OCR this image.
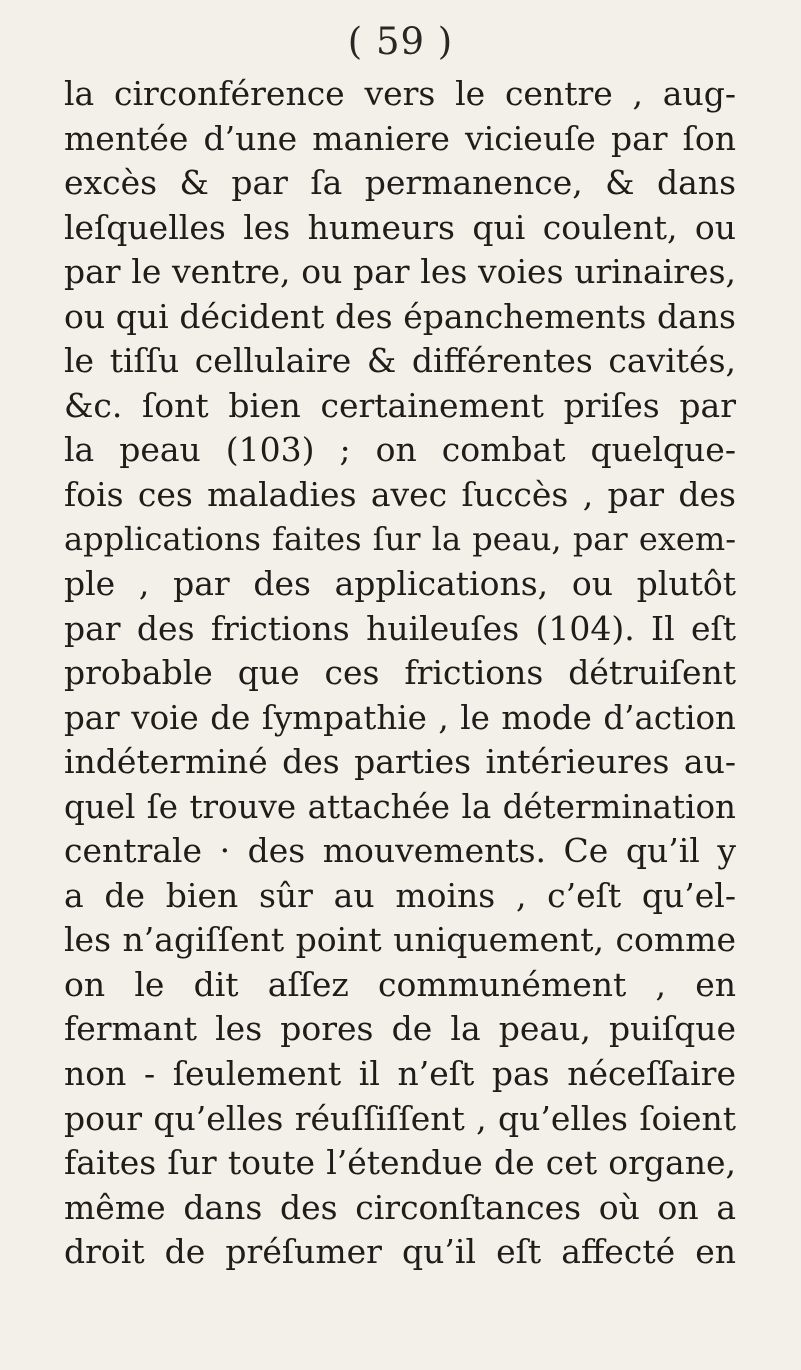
( 59 )
la circonférence vers le centre , aug-
mentée d’une maniere vicieuſe par ſon
excès & par ſa permanence, & dans
leſquelles les humeurs qui coulent, ou
par le ventre, ou par les voies urinaires,
ou qui décident des épanchements dans
le tiſſu cellulaire & différentes cavités,
&c. ſont bien certainement priſes par
la peau (103) ; on combat quelque-
fois ces maladies avec ſuccès , par des
applications faites ſur la peau, par exem-
ple , par des applications, ou plutôt
par des frictions huileuſes (104). Il eſt
probable que ces frictions détruiſent
par voie de ſympathie , le mode d’action
indéterminé des parties intérieures au-
quel ſe trouve attachée la détermination
centrale · des mouvements. Ce qu’il y
a de bien sûr au moins , c’eſt qu’el-
les n’agiſſent point uniquement, comme
on le dit aſſez communément , en
fermant les pores de la peau, puiſque
non - ſeulement il n’eſt pas néceſſaire
pour qu’elles réuſſiſſent , qu’elles ſoient
faites ſur toute l’étendue de cet organe,
même dans des circonſtances où on a
droit de préſumer qu’il eſt affecté en
